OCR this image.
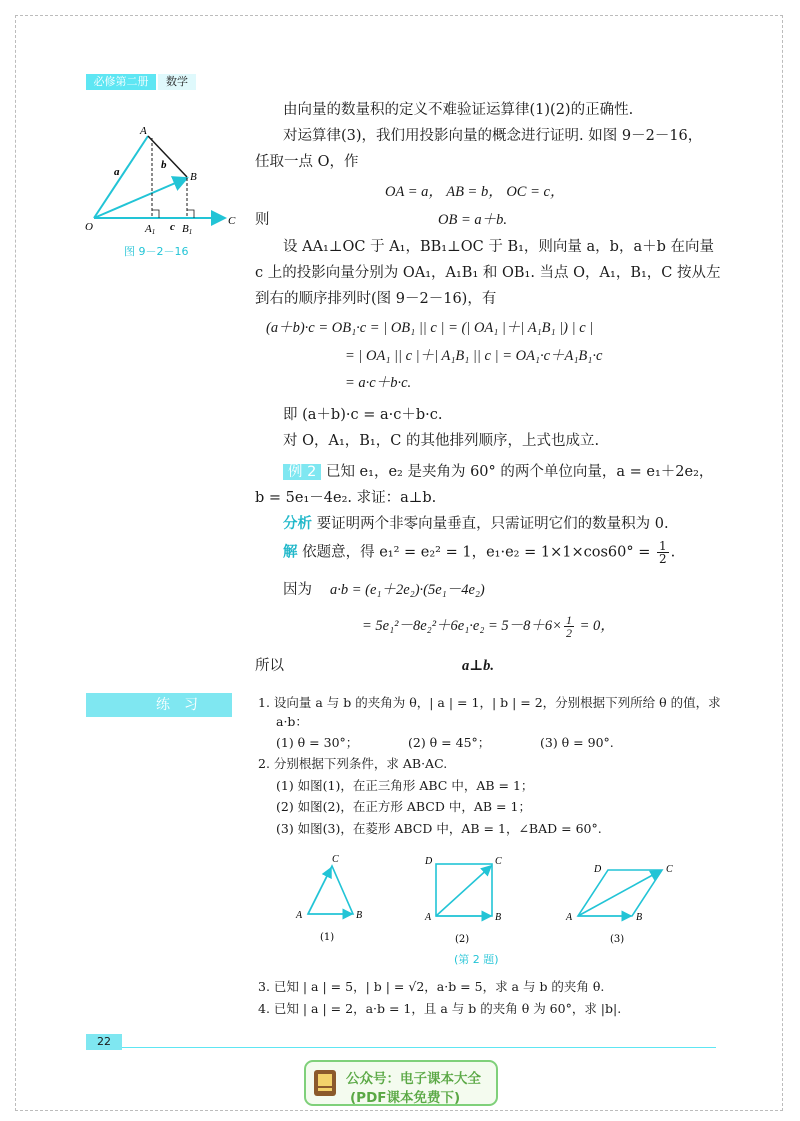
必修第二册	数学
A
B
O	C
a
b
c
A1 B1
图 9－2－16
由向量的数量积的定义不难验证运算律(1)(2)的正确性.
对运算律(3)，我们用投影向量的概念进行证明. 如图 9－2－16，
任取一点 O，作
OA = a， AB = b， OC = c，
则	OB = a＋b.
设 AA₁⊥OC 于 A₁，BB₁⊥OC 于 B₁，则向量 a，b，a＋b 在向量
c 上的投影向量分别为 OA₁，A₁B₁ 和 OB₁. 当点 O，A₁，B₁，C 按从左
到右的顺序排列时(图 9－2－16)，有
(a＋b)·c = OB₁·c = | OB₁ || c | = (| OA₁ |＋| A₁B₁ |) | c |
= | OA₁ || c |＋| A₁B₁ || c | = OA₁·c＋A₁B₁·c
= a·c＋b·c.
即 (a＋b)·c = a·c＋b·c.
对 O，A₁，B₁，C 的其他排列顺序，上式也成立.
例 2 已知 e₁，e₂ 是夹角为 60° 的两个单位向量，a = e₁＋2e₂，
b = 5e₁－4e₂. 求证：a⊥b.
分析 要证明两个非零向量垂直，只需证明它们的数量积为 0.
解 依题意，得 e₁² = e₂² = 1，$e_1\cdot e_2 = 1\times 1\times\cos 60^\circ = \frac{1}{2}$ .
因为 a·b = (e₁＋2e₂)·(5e₁－4e₂)
= $5e_1^2-8e_2^2+6e_1\cdot e_2 = 5-8+6\times \frac{1}{2} = 0$，
所以	a⊥b.
练习	1. 设向量 a 与 b 的夹角为 θ，| a | = 1，| b | = 2，分别根据下列所给 θ 的值，求
a·b：
(1) θ = 30°；	(2) θ = 45°；	(3) θ = 90°.
2. 分别根据下列条件，求 AB·AC.
(1) 如图(1)，在正三角形 ABC 中，AB = 1；
(2) 如图(2)，在正方形 ABCD 中，AB = 1；
(3) 如图(3)，在菱形 ABCD 中，AB = 1，∠BAD = 60°.
A	B
C
(1)
A	B
C
D
(2)
A	B
C
D
(3)
(第 2 题)
3. 已知 | a | = 5，| b | = √2，a·b = 5，求 a 与 b 的夹角 θ.
4. 已知 | a | = 2，a·b = 1，且 a 与 b 的夹角 θ 为 60°，求 |b|.
22
公众号：电子课本大全
(PDF课本免费下)
